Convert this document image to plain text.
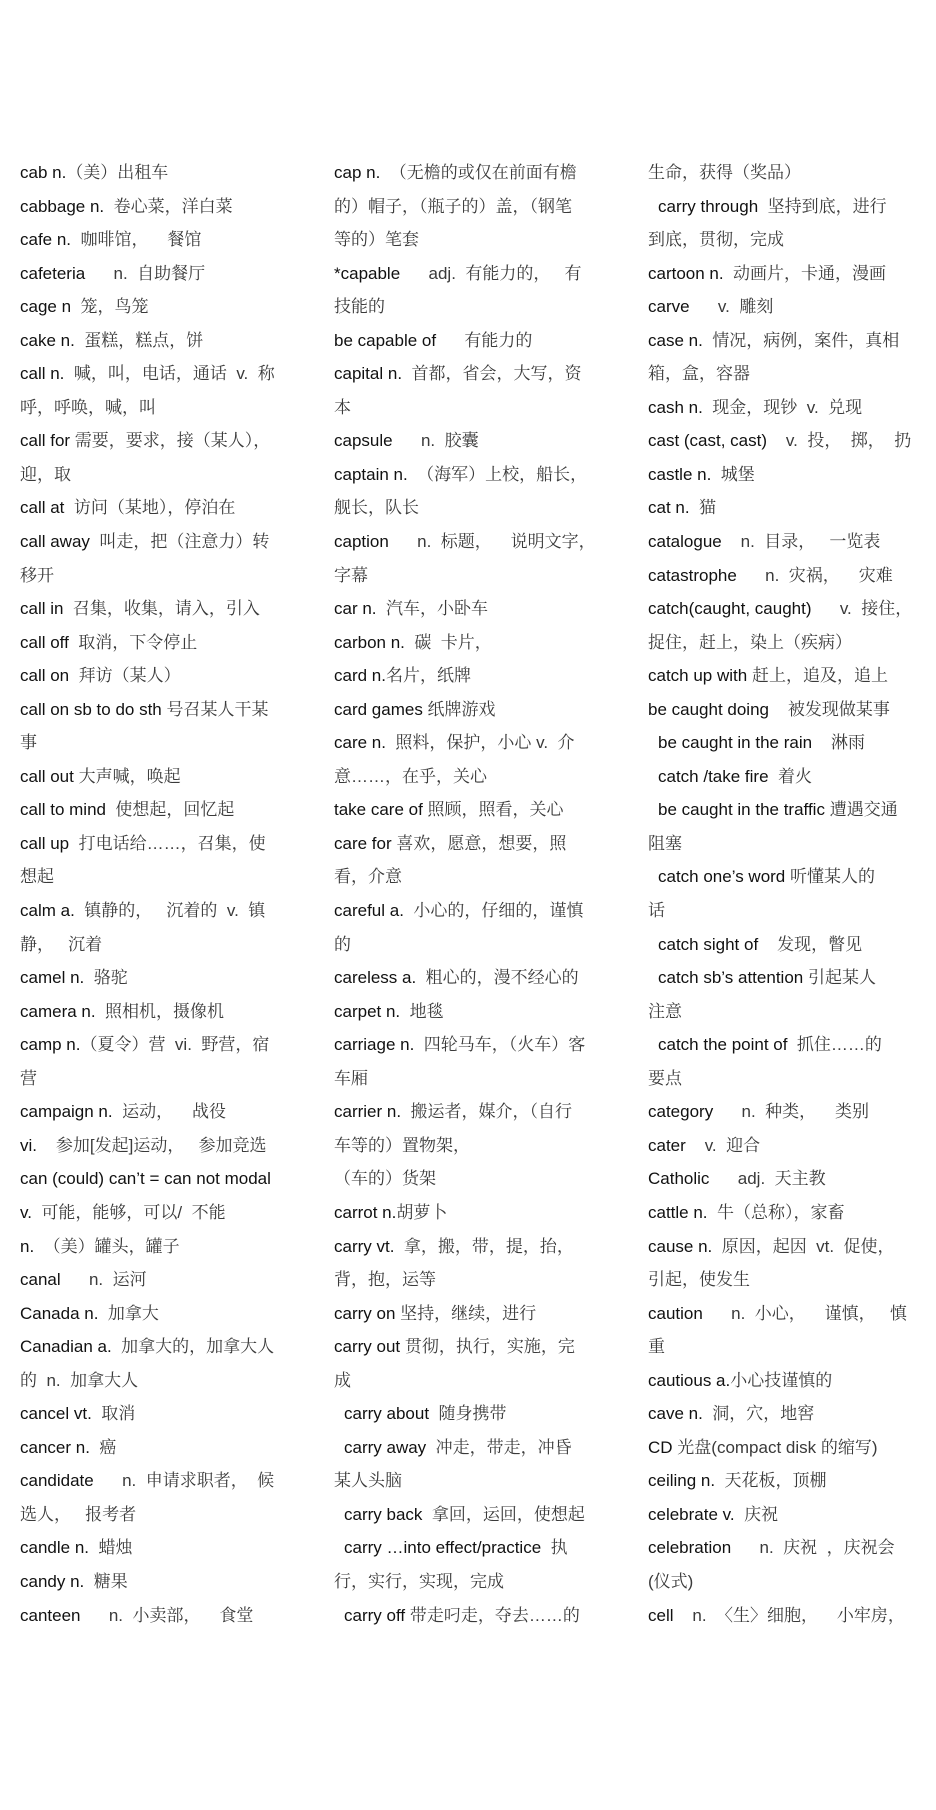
cab n.（美）出租车
cabbage n.  卷心菜，洋白菜
cafe n.  咖啡馆，    餐馆
cafeteria      n.  自助餐厅
cage n  笼，鸟笼
cake n.  蛋糕，糕点，饼
call n.  喊，叫，电话，通话  v.  称
呼，呼唤，喊，叫
call for 需要，要求，接（某人），
迎，取
call at  访问（某地），停泊在
call away  叫走，把（注意力）转
移开
call in  召集，收集，请入，引入
call off  取消，下令停止
call on  拜访（某人）
call on sb to do sth 号召某人干某
事
call out 大声喊，唤起
call to mind  使想起，回忆起
call up  打电话给……，召集，使
想起
calm a.  镇静的，   沉着的  v.  镇
静，   沉着
camel n.  骆驼
camera n.  照相机，摄像机
camp n.（夏令）营  vi.  野营，宿
营
campaign n.  运动，    战役
vi.    参加[发起]运动，   参加竞选
can (could) can’t = can not modal
v.  可能，能够，可以/  不能
n.  （美）罐头，罐子
canal      n.  运河
Canada n.  加拿大
Canadian a.  加拿大的，加拿大人
的  n.  加拿大人
cancel vt.  取消
cancer n.  癌
candidate      n.  申请求职者，  候
选人，   报考者
candle n.  蜡烛
candy n.  糖果
canteen      n.  小卖部，    食堂
cap n.  （无檐的或仅在前面有檐
的）帽子，（瓶子的）盖，（钢笔
等的）笔套
*capable      adj.  有能力的，   有
技能的
be capable of      有能力的
capital n.  首都，省会，大写，资
本
capsule      n.  胶囊
captain n.  （海军）上校，船长，
舰长，队长
caption      n.  标题，    说明文字，
字幕
car n.  汽车，小卧车
carbon n.  碳  卡片，
card n.名片，纸牌
card games 纸牌游戏
care n.  照料，保护，小心 v.  介
意……，在乎，关心
take care of 照顾，照看，关心
care for 喜欢，愿意，想要，照
看，介意
careful a.  小心的，仔细的，谨慎
的
careless a.  粗心的，漫不经心的
carpet n.  地毯
carriage n.  四轮马车，（火车）客
车厢
carrier n.  搬运者，媒介，（自行
车等的）置物架，
（车的）货架
carrot n.胡萝卜
carry vt.  拿，搬，带，提，抬，
背，抱，运等
carry on 坚持，继续，进行
carry out 贯彻，执行，实施，完
成
carry about  随身携带
carry away  冲走，带走，冲昏
某人头脑
carry back  拿回，运回，使想起
carry …into effect/practice  执
行，实行，实现，完成
carry off 带走叼走，夺去……的
生命，获得（奖品）
carry through  坚持到底，进行
到底，贯彻，完成
cartoon n.  动画片，卡通，漫画
carve      v.  雕刻
case n.  情况，病例，案件，真相
箱，盒，容器
cash n.  现金，现钞  v.  兑现
cast (cast, cast)    v.  投，  掷，  扔
castle n.  城堡
cat n.  猫
catalogue    n.  目录，   一览表
catastrophe      n.  灾祸，    灾难
catch(caught, caught)      v.  接住，
捉住，赶上，染上（疾病）
catch up with 赶上，追及，追上
be caught doing    被发现做某事
be caught in the rain    淋雨
catch /take fire  着火
be caught in the traffic 遭遇交通
阻塞
catch one’s word 听懂某人的
话
catch sight of    发现，瞥见
catch sb’s attention 引起某人
注意
catch the point of  抓住……的
要点
category      n.  种类，    类别
cater    v.  迎合
Catholic      adj.  天主教
cattle n.  牛（总称），家畜
cause n.  原因，起因  vt.  促使，
引起，使发生
caution      n.  小心，    谨慎，   慎
重
cautious a.小心技谨慎的
cave n.  洞，穴，地窖
CD 光盘(compact disk 的缩写)
ceiling n.  天花板，顶棚
celebrate v.  庆祝
celebration      n.  庆祝  ，庆祝会
(仪式)
cell    n.  〈生〉细胞，    小牢房，
